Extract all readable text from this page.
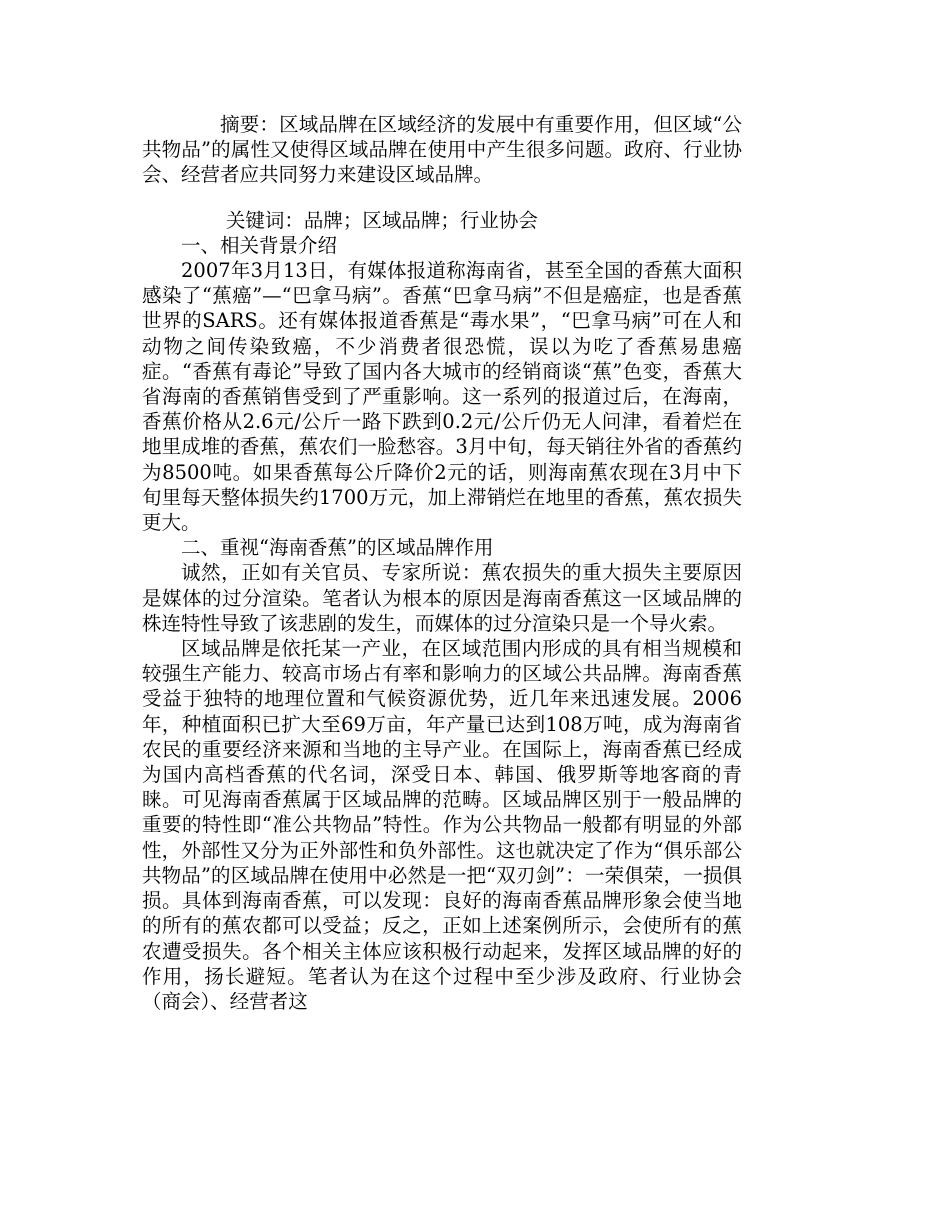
摘要：区域品牌在区域经济的发展中有重要作用，但区域“公共物品”的属性又使得区域品牌在使用中产生很多问题。政府、行业协会、经营者应共同努力来建设区域品牌。

关键词：品牌；区域品牌；行业协会

一、相关背景介绍

2007年3月13日，有媒体报道称海南省，甚至全国的香蕉大面积感染了“蕉癌”—“巴拿马病”。香蕉“巴拿马病”不但是癌症，也是香蕉世界的SARS。还有媒体报道香蕉是“毒水果”，“巴拿马病”可在人和动物之间传染致癌，不少消费者很恐慌，误以为吃了香蕉易患癌症。“香蕉有毒论”导致了国内各大城市的经销商谈“蕉”色变，香蕉大省海南的香蕉销售受到了严重影响。这一系列的报道过后，在海南，香蕉价格从2.6元/公斤一路下跌到0.2元/公斤仍无人问津，看着烂在地里成堆的香蕉，蕉农们一脸愁容。3月中旬，每天销往外省的香蕉约为8500吨。如果香蕉每公斤降价2元的话，则海南蕉农现在3月中下旬里每天整体损失约1700万元，加上滞销烂在地里的香蕉，蕉农损失更大。

二、重视“海南香蕉”的区域品牌作用

诚然，正如有关官员、专家所说：蕉农损失的重大损失主要原因是媒体的过分渲染。笔者认为根本的原因是海南香蕉这一区域品牌的株连特性导致了该悲剧的发生，而媒体的过分渲染只是一个导火索。

区域品牌是依托某一产业，在区域范围内形成的具有相当规模和较强生产能力、较高市场占有率和影响力的区域公共品牌。海南香蕉受益于独特的地理位置和气候资源优势，近几年来迅速发展。2006年，种植面积已扩大至69万亩，年产量已达到108万吨，成为海南省农民的重要经济来源和当地的主导产业。在国际上，海南香蕉已经成为国内高档香蕉的代名词，深受日本、韩国、俄罗斯等地客商的青睐。可见海南香蕉属于区域品牌的范畴。区域品牌区别于一般品牌的重要的特性即“准公共物品”特性。作为公共物品一般都有明显的外部性，外部性又分为正外部性和负外部性。这也就决定了作为“俱乐部公共物品”的区域品牌在使用中必然是一把“双刃剑”：一荣俱荣，一损俱损。具体到海南香蕉，可以发现：良好的海南香蕉品牌形象会使当地的所有的蕉农都可以受益；反之，正如上述案例所示，会使所有的蕉农遭受损失。各个相关主体应该积极行动起来，发挥区域品牌的好的作用，扬长避短。笔者认为在这个过程中至少涉及政府、行业协会（商会）、经营者这
